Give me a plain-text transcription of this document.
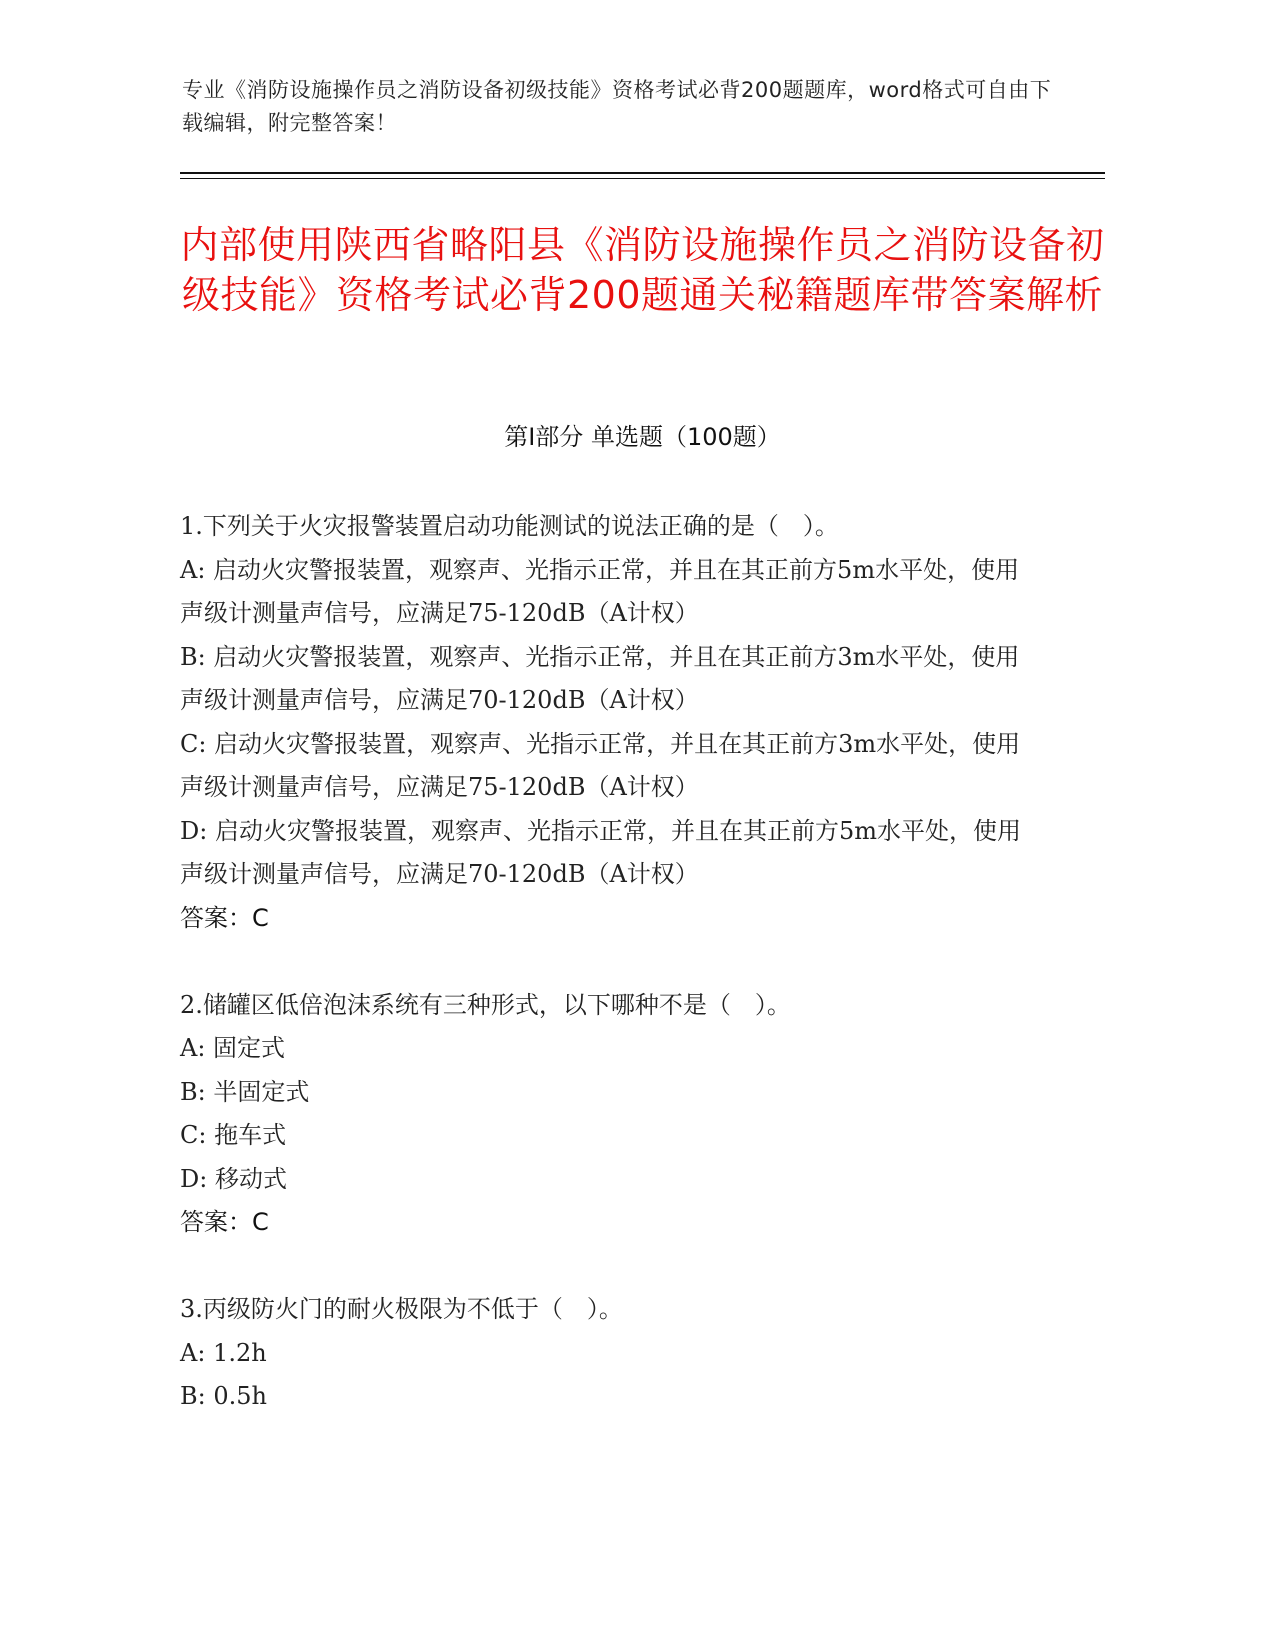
专业《消防设施操作员之消防设备初级技能》资格考试必背200题题库，word格式可自由下载编辑，附完整答案！
内部使用陕西省略阳县《消防设施操作员之消防设备初级技能》资格考试必背200题通关秘籍题库带答案解析
第Ⅰ部分 单选题（100题）

1.下列关于火灾报警装置启动功能测试的说法正确的是（　）。

A: 启动火灾警报装置，观察声、光指示正常，并且在其正前方5m水平处，使用声级计测量声信号，应满足75-120dB（A计权）

B: 启动火灾警报装置，观察声、光指示正常，并且在其正前方3m水平处，使用声级计测量声信号，应满足70-120dB（A计权）

C: 启动火灾警报装置，观察声、光指示正常，并且在其正前方3m水平处，使用声级计测量声信号，应满足75-120dB（A计权）

D: 启动火灾警报装置，观察声、光指示正常，并且在其正前方5m水平处，使用声级计测量声信号，应满足70-120dB（A计权）

答案：C

2.储罐区低倍泡沫系统有三种形式，以下哪种不是（　）。

A: 固定式

B: 半固定式

C: 拖车式

D: 移动式

答案：C

3.丙级防火门的耐火极限为不低于（　）。

A: 1.2h

B: 0.5h
